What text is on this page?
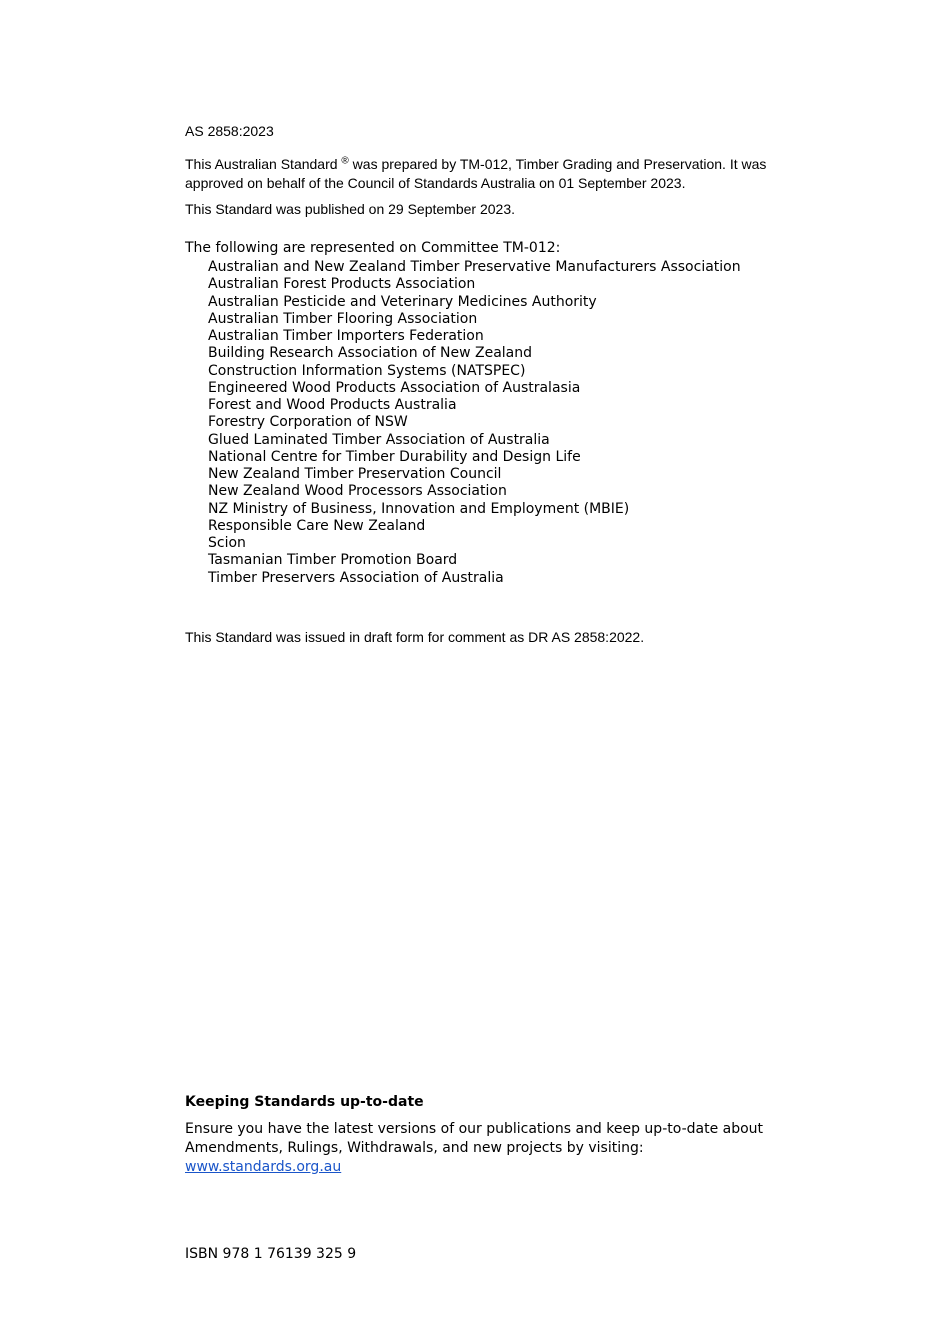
AS 2858:2023

This Australian Standard ® was prepared by TM-012, Timber Grading and Preservation. It was approved on behalf of the Council of Standards Australia on 01 September 2023.

This Standard was published on 29 September 2023.

The following are represented on Committee TM-012:

Australian and New Zealand Timber Preservative Manufacturers Association
Australian Forest Products Association
Australian Pesticide and Veterinary Medicines Authority
Australian Timber Flooring Association
Australian Timber Importers Federation
Building Research Association of New Zealand
Construction Information Systems (NATSPEC)
Engineered Wood Products Association of Australasia
Forest and Wood Products Australia
Forestry Corporation of NSW
Glued Laminated Timber Association of Australia
National Centre for Timber Durability and Design Life
New Zealand Timber Preservation Council
New Zealand Wood Processors Association
NZ Ministry of Business, Innovation and Employment (MBIE)
Responsible Care New Zealand
Scion
Tasmanian Timber Promotion Board
Timber Preservers Association of Australia

This Standard was issued in draft form for comment as DR AS 2858:2022.

Keeping Standards up-to-date

Ensure you have the latest versions of our publications and keep up-to-date about Amendments, Rulings, Withdrawals, and new projects by visiting:
www.standards.org.au

ISBN 978 1 76139 325 9
